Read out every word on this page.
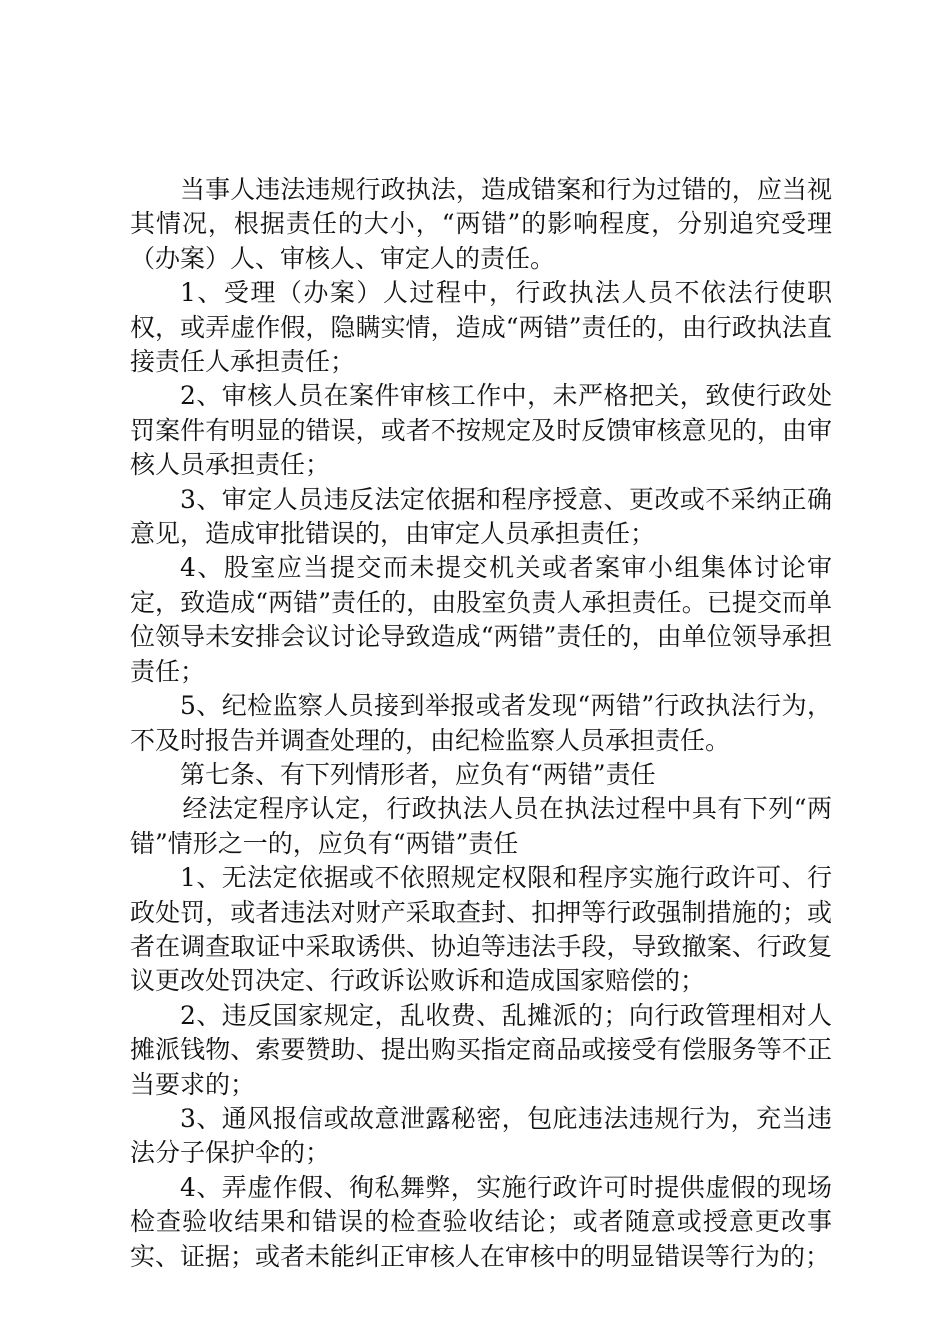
当事人违法违规行政执法，造成错案和行为过错的，应当视其情况，根据责任的大小，“两错”的影响程度，分别追究受理（办案）人、审核人、审定人的责任。

1、受理（办案）人过程中，行政执法人员不依法行使职权，或弄虚作假，隐瞒实情，造成“两错”责任的，由行政执法直接责任人承担责任；

2、审核人员在案件审核工作中，未严格把关，致使行政处罚案件有明显的错误，或者不按规定及时反馈审核意见的，由审核人员承担责任；

3、审定人员违反法定依据和程序授意、更改或不采纳正确意见，造成审批错误的，由审定人员承担责任；

4、股室应当提交而未提交机关或者案审小组集体讨论审定，致造成“两错”责任的，由股室负责人承担责任。已提交而单位领导未安排会议讨论导致造成“两错”责任的，由单位领导承担责任；

5、纪检监察人员接到举报或者发现“两错”行政执法行为，不及时报告并调查处理的，由纪检监察人员承担责任。

第七条、有下列情形者，应负有“两错”责任

经法定程序认定，行政执法人员在执法过程中具有下列“两错”情形之一的，应负有“两错”责任

1、无法定依据或不依照规定权限和程序实施行政许可、行政处罚，或者违法对财产采取查封、扣押等行政强制措施的；或者在调查取证中采取诱供、协迫等违法手段，导致撤案、行政复议更改处罚决定、行政诉讼败诉和造成国家赔偿的；

2、违反国家规定，乱收费、乱摊派的；向行政管理相对人摊派钱物、索要赞助、提出购买指定商品或接受有偿服务等不正当要求的；

3、通风报信或故意泄露秘密，包庇违法违规行为，充当违法分子保护伞的；

4、弄虚作假、徇私舞弊，实施行政许可时提供虚假的现场检查验收结果和错误的检查验收结论；或者随意或授意更改事实、证据；或者未能纠正审核人在审核中的明显错误等行为的；
